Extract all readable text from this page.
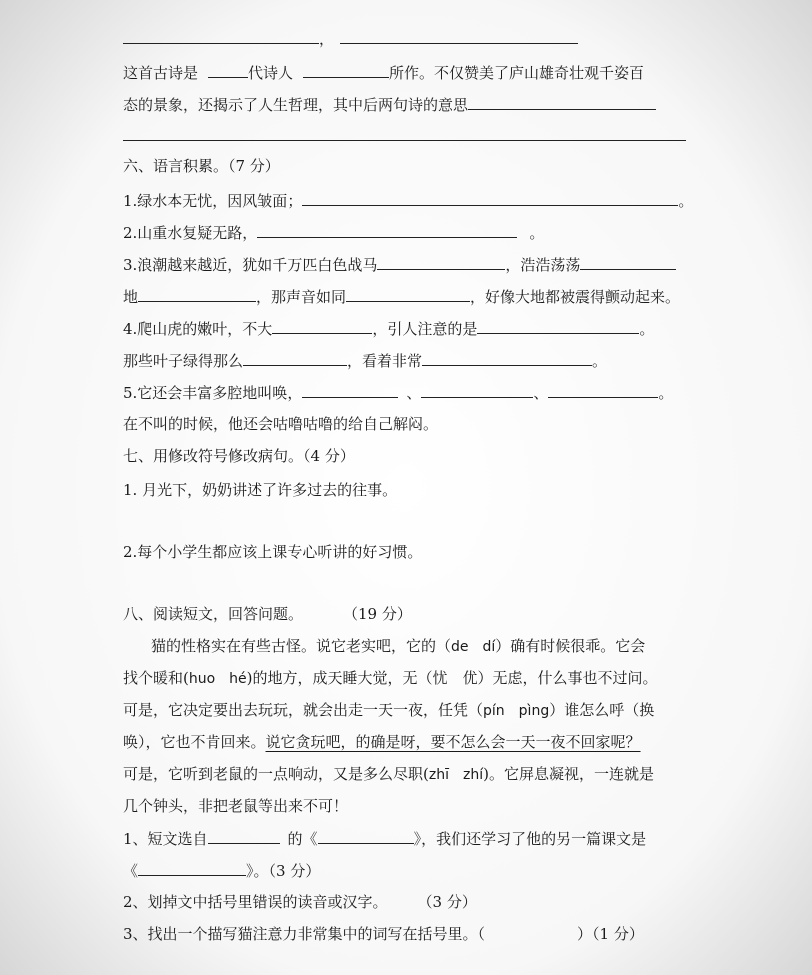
，
这首古诗是	代诗人	所作。不仅赞美了庐山雄奇壮观千姿百
态的景象，还揭示了人生哲理，其中后两句诗的意思
六、语言积累。（7 分）
1.绿水本无忧，因风皱面；	。
2.山重水复疑无路，	。
3.浪潮越来越近，犹如千万匹白色战马	，浩浩荡荡
地	，那声音如同	，好像大地都被震得颤动起来。
4.爬山虎的嫩叶，不大	，引人注意的是	。
那些叶子绿得那么	，看着非常	。
5.它还会丰富多腔地叫唤，	、	、	。
在不叫的时候，他还会咕噜咕噜的给自己解闷。
七、用修改符号修改病句。（4 分）
1. 月光下，奶奶讲述了许多过去的往事。
2.每个小学生都应该上课专心听讲的好习惯。
八、阅读短文，回答问题。	（19 分）
猫的性格实在有些古怪。说它老实吧，它的（de　dí）确有时候很乖。它会
找个暖和(huo　hé)的地方，成天睡大觉，无（忧　优）无虑，什么事也不过问。
可是，它决定要出去玩玩，就会出走一天一夜，任凭（pín　pìng）谁怎么呼（换
唤），它也不肯回来。说它贪玩吧，的确是呀，要不怎么会一天一夜不回家呢？
可是，它听到老鼠的一点响动，又是多么尽职(zhī　zhí)。它屏息凝视，一连就是
几个钟头，非把老鼠等出来不可！
1、短文选自	的《	》，我们还学习了他的另一篇课文是
《	》。（3 分）
2、划掉文中括号里错误的读音或汉字。 （3 分）
3、找出一个描写猫注意力非常集中的词写在括号里。（	）（1 分）
